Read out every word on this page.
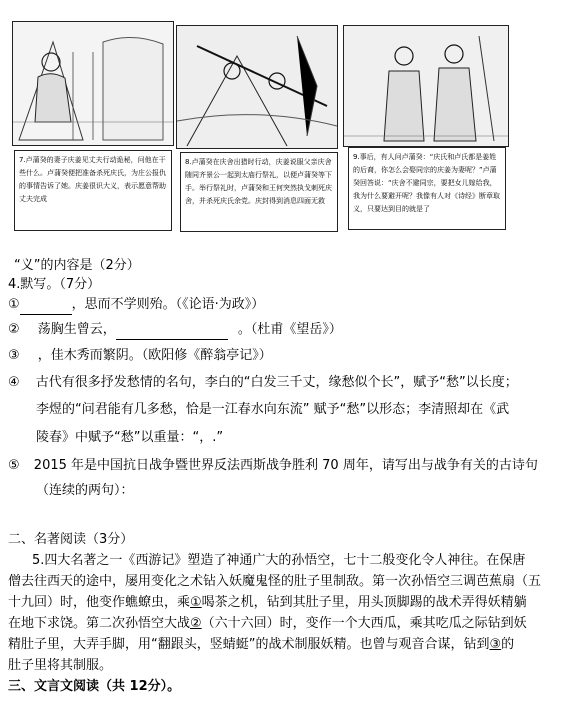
7.卢蒲癸的妻子庆姜见丈夫行动诡秘，问他在干些什么。卢蒲癸便把准备杀死庆氏，为庄公报仇的事情告诉了她。庆姜很识大义，表示愿意帮助丈夫完成
8.卢蒲癸在庆舍出猎时行动，庆姜说服父亲庆舍随同齐景公一起到太庙行祭礼，以便卢蒲癸等下手。举行祭礼时，卢蒲癸和王何突然执戈刺死庆舍，并杀死庆氏余党。庆封得到消息四面无救
9.事后，有人问卢蒲癸：“庆氏和卢氏都是姜姓的后裔，你怎么会娶同宗的庆姜为妻呢？”卢蒲癸回答说：“庆舍不避同宗，要把女儿嫁给我，我为什么要避开呢？我像有人对《诗经》断章取义，只要达到目的就是了
“义”的内容是（2分）
4.默写。（7分）
①	，思而不学则殆。（《论语·为政》）
② 荡胸生曾云，	。（杜甫《望岳》）
③ ，佳木秀而繁阴。（欧阳修《醉翁亭记》）
④ 古代有很多抒发愁情的名句，李白的“白发三千丈，缘愁似个长”，赋予“愁”以长度；
李煜的“问君能有几多愁，恰是一江春水向东流” 赋予“愁”以形态；李清照却在《武
陵春》中赋予“愁”以重量：“，.”
⑤ 2015 年是中国抗日战争暨世界反法西斯战争胜利 70 周年，请写出与战争有关的古诗句
（连续的两句）：
二、名著阅读（3分）
5.四大名著之一《西游记》塑造了神通广大的孙悟空，七十二般变化令人神往。在保唐
僧去往西天的途中，屡用变化之术钻入妖魔鬼怪的肚子里制敌。第一次孙悟空三调芭蕉扇（五
十九回）时，他变作蟭蟟虫，乘①喝茶之机，钻到其肚子里，用头顶脚踢的战术弄得妖精躺
在地下求饶。第二次孙悟空大战②（六十六回）时，变作一个大西瓜，乘其吃瓜之际钻到妖
精肚子里，大弄手脚，用“翻跟头，竖蜻蜓”的战术制服妖精。也曾与观音合谋，钻到③的
肚子里将其制服。
三、文言文阅读（共 12分）。
